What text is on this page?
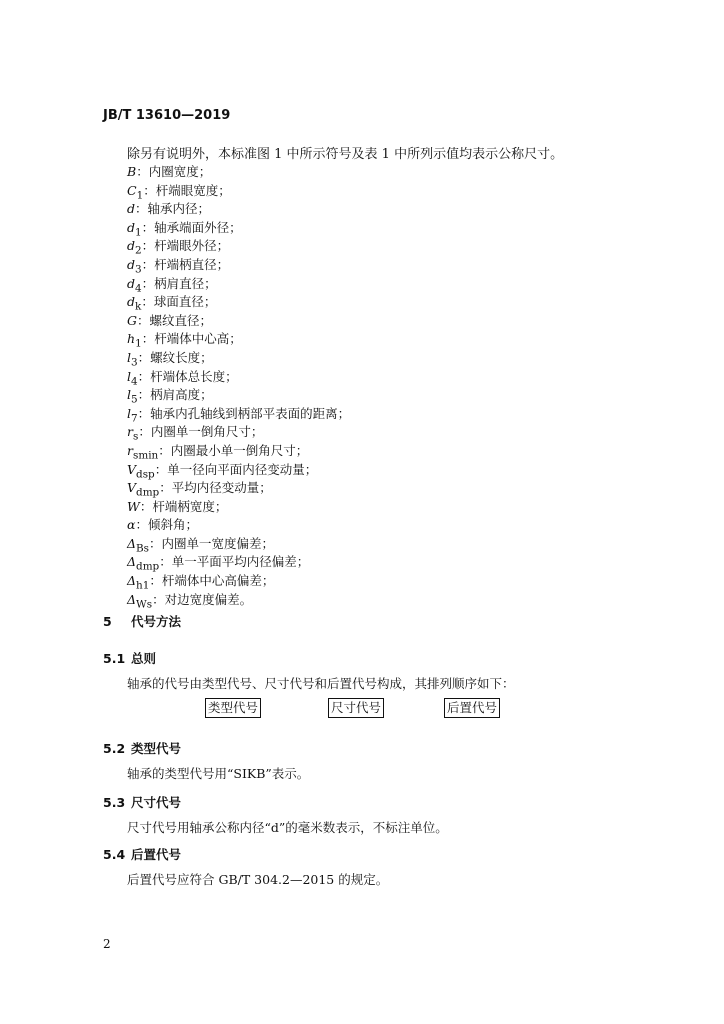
JB/T 13610—2019
除另有说明外，本标准图 1 中所示符号及表 1 中所列示值均表示公称尺寸。
B：内圈宽度；
$C_1$：杆端眼宽度；
d：轴承内径；
$d_1$：轴承端面外径；
$d_2$：杆端眼外径；
$d_3$：杆端柄直径；
$d_4$：柄肩直径；
$d_k$：球面直径；
G：螺纹直径；
$h_1$：杆端体中心高；
$l_3$：螺纹长度；
$l_4$：杆端体总长度；
$l_5$：柄肩高度；
$l_7$：轴承内孔轴线到柄部平表面的距离；
$r_s$：内圈单一倒角尺寸；
$r_{smin}$：内圈最小单一倒角尺寸；
$V_{dsp}$：单一径向平面内径变动量；
$V_{dmp}$：平均内径变动量；
W：杆端柄宽度；
α：倾斜角；
$\Delta_{Bs}$：内圈单一宽度偏差；
$\Delta_{dmp}$：单一平面平均内径偏差；
$\Delta_{h1}$：杆端体中心高偏差；
$\Delta_{Ws}$：对边宽度偏差。
5 代号方法
5.1 总则
轴承的代号由类型代号、尺寸代号和后置代号构成，其排列顺序如下：
类型代号	尺寸代号	后置代号
5.2 类型代号
轴承的类型代号用“SIKB”表示。
5.3 尺寸代号
尺寸代号用轴承公称内径“d”的毫米数表示，不标注单位。
5.4 后置代号
后置代号应符合 GB/T 304.2—2015 的规定。
2
